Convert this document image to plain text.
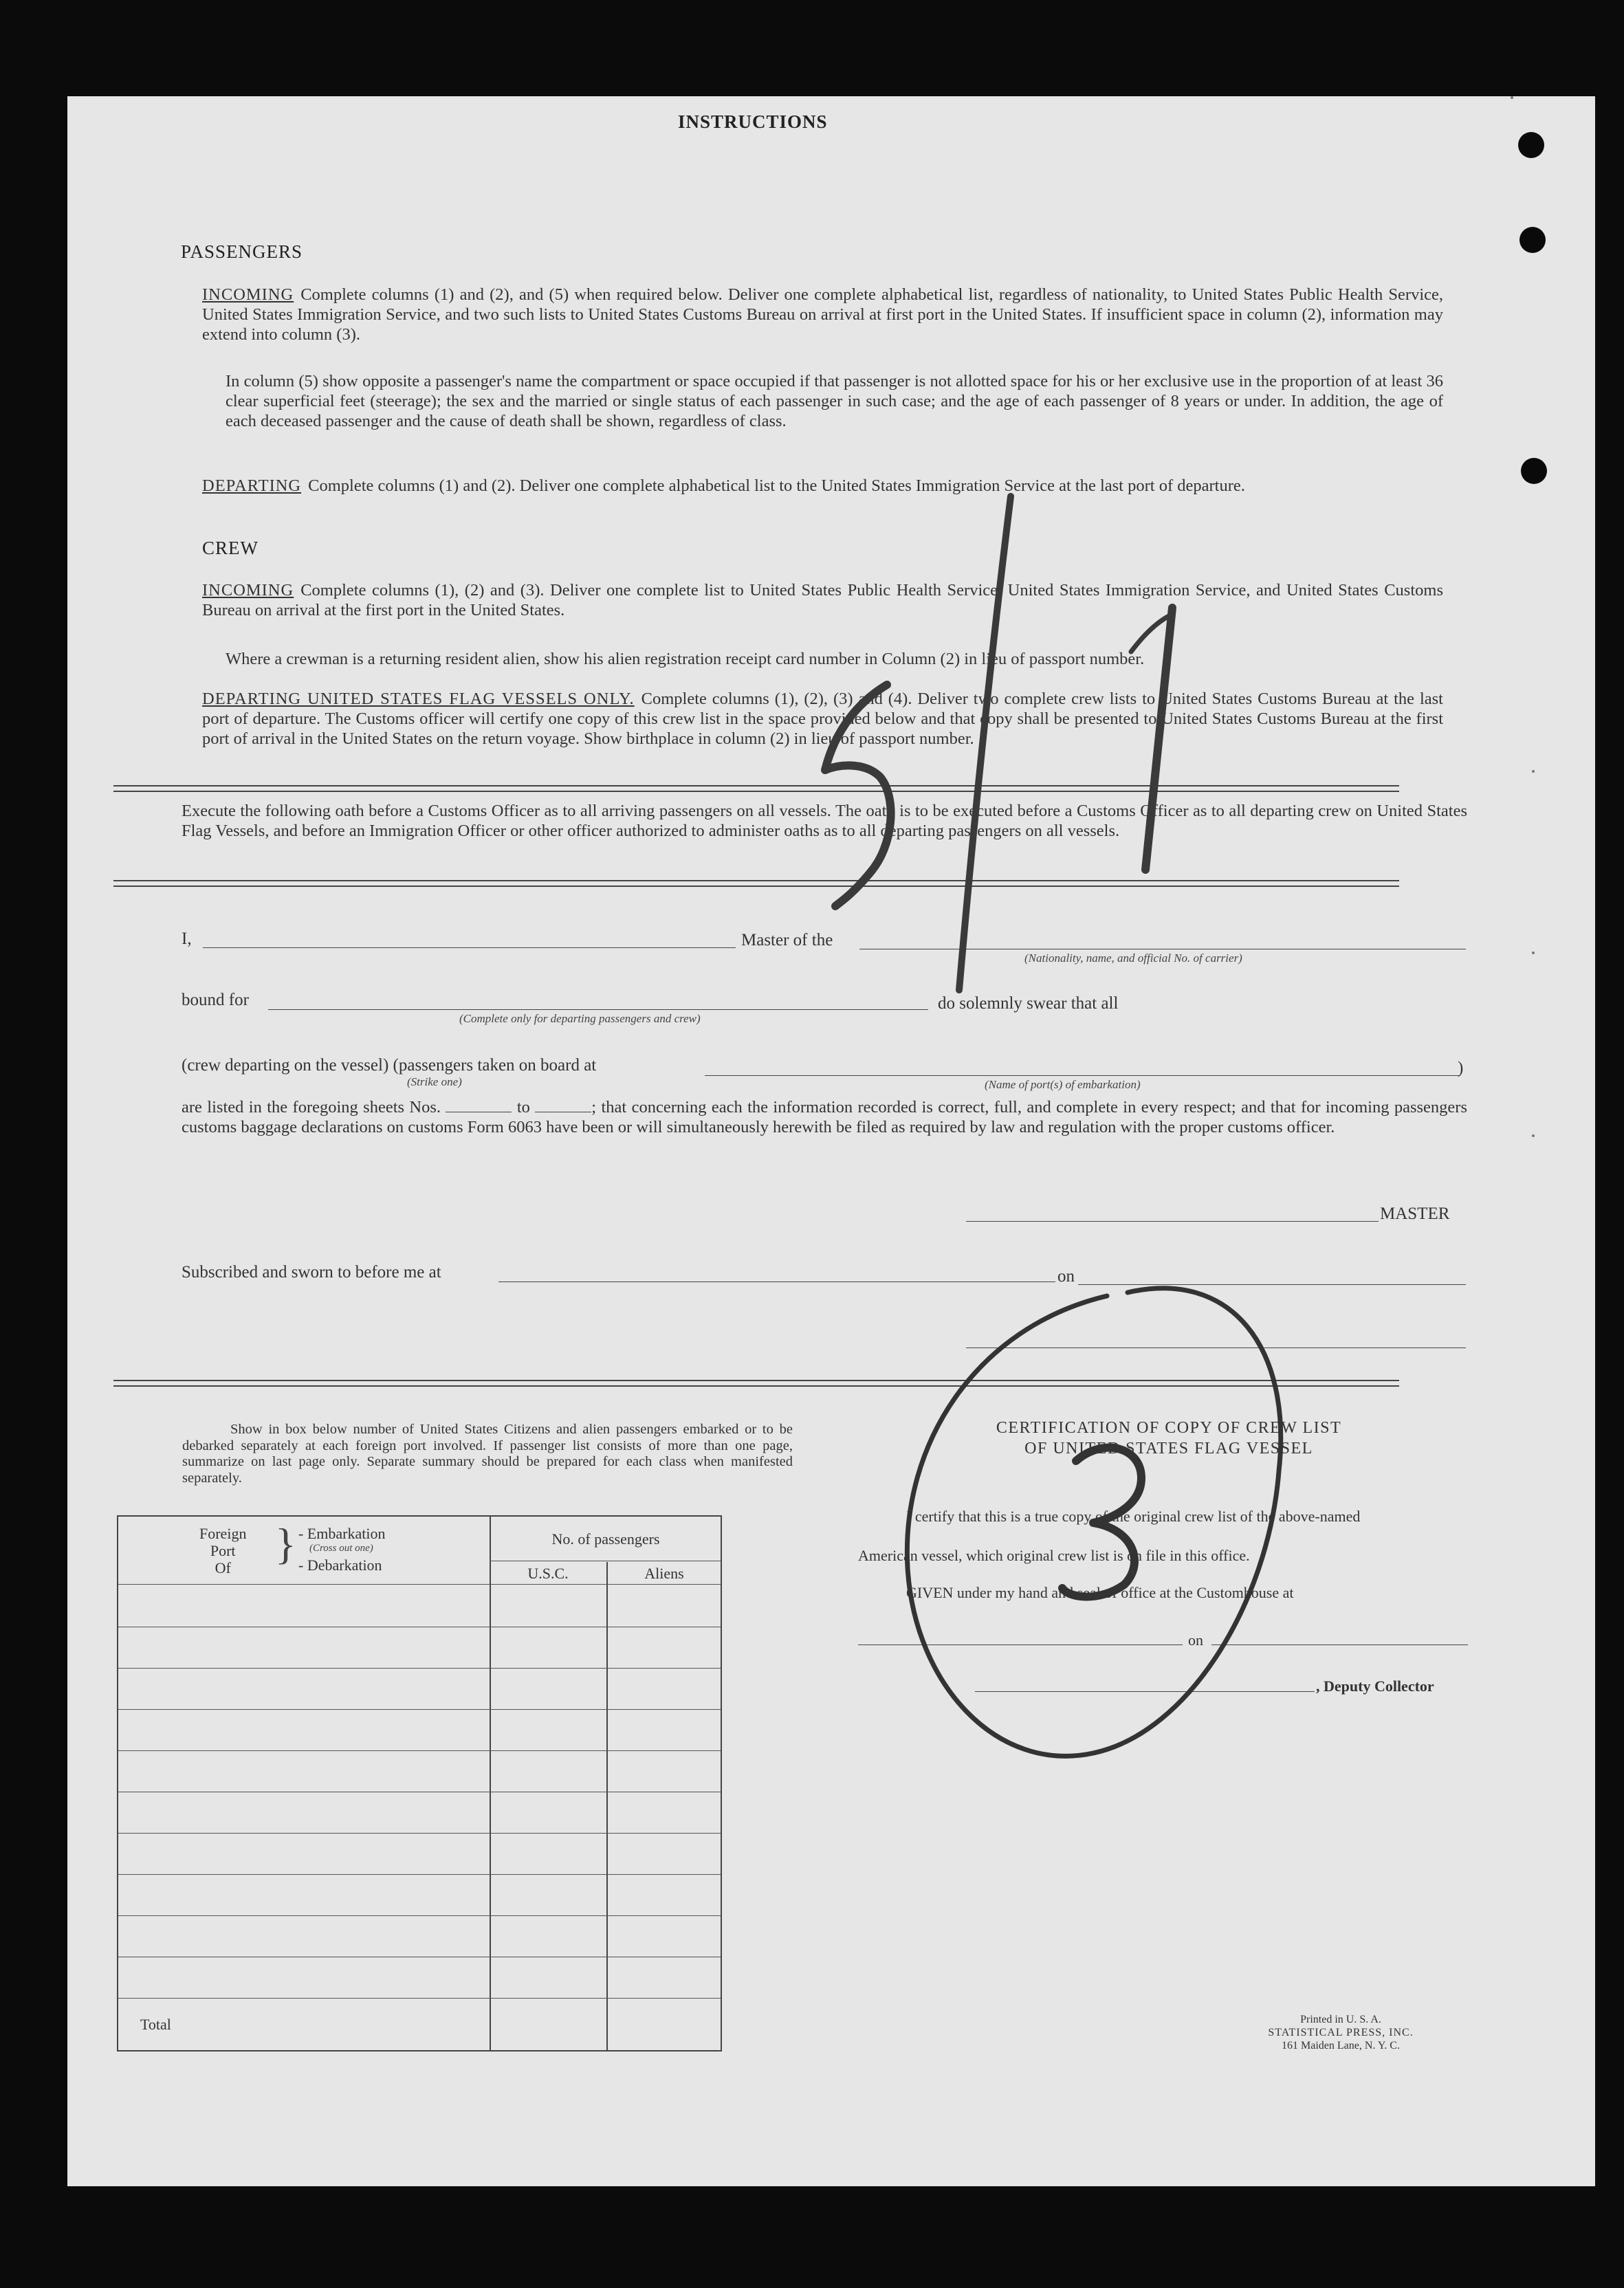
INSTRUCTIONS
PASSENGERS
INCOMING Complete columns (1) and (2), and (5) when required below. Deliver one complete alphabetical list, regardless of nationality, to United States Public Health Service, United States Immigration Service, and two such lists to United States Customs Bureau on arrival at first port in the United States. If insufficient space in column (2), information may extend into column (3).
In column (5) show opposite a passenger's name the compartment or space occupied if that passenger is not allotted space for his or her exclusive use in the proportion of at least 36 clear superficial feet (steerage); the sex and the married or single status of each passenger in such case; and the age of each passenger of 8 years or under. In addition, the age of each deceased passenger and the cause of death shall be shown, regardless of class.
DEPARTING Complete columns (1) and (2). Deliver one complete alphabetical list to the United States Immigration Service at the last port of departure.
CREW
INCOMING Complete columns (1), (2) and (3). Deliver one complete list to United States Public Health Service, United States Immigration Service, and United States Customs Bureau on arrival at the first port in the United States.
Where a crewman is a returning resident alien, show his alien registration receipt card number in Column (2) in lieu of passport number.
DEPARTING UNITED STATES FLAG VESSELS ONLY. Complete columns (1), (2), (3) and (4). Deliver two complete crew lists to United States Customs Bureau at the last port of departure. The Customs officer will certify one copy of this crew list in the space provided below and that copy shall be presented to United States Customs Bureau at the first port of arrival in the United States on the return voyage. Show birthplace in column (2) in lieu of passport number.
Execute the following oath before a Customs Officer as to all arriving passengers on all vessels. The oath is to be executed before a Customs Officer as to all departing crew on United States Flag Vessels, and before an Immigration Officer or other officer authorized to administer oaths as to all departing passengers on all vessels.
I,	Master of the
(Nationality, name, and official No. of carrier)
bound for
(Complete only for departing passengers and crew)
do solemnly swear that all
(crew departing on the vessel) (passengers taken on board at
(Strike one)	(Name of port(s) of embarkation)
)
are listed in the foregoing sheets Nos.	to	; that concerning each the information recorded is correct, full, and complete in every respect; and that for incoming passengers customs baggage declarations on customs Form 6063 have been or will simultaneously herewith be filed as required by law and regulation with the proper customs officer.
MASTER
Subscribed and sworn to before me at	on
Show in box below number of United States Citizens and alien passengers embarked or to be debarked separately at each foreign port involved. If passenger list consists of more than one page, summarize on last page only. Separate summary should be prepared for each class when manifested separately.
Foreign
Port
Of	} - Embarkation
(Cross out one)
- Debarkation
No. of passengers
U.S.C.	Aliens
Total
CERTIFICATION OF COPY OF CREW LIST
OF UNITED STATES FLAG VESSEL
I certify that this is a true copy of the original crew list of the above-named
American vessel, which original crew list is on file in this office.
GIVEN under my hand and seal of office at the Customhouse at
on
, Deputy Collector
Printed in U. S. A.
STATISTICAL PRESS, INC.
161 Maiden Lane, N. Y. C.
